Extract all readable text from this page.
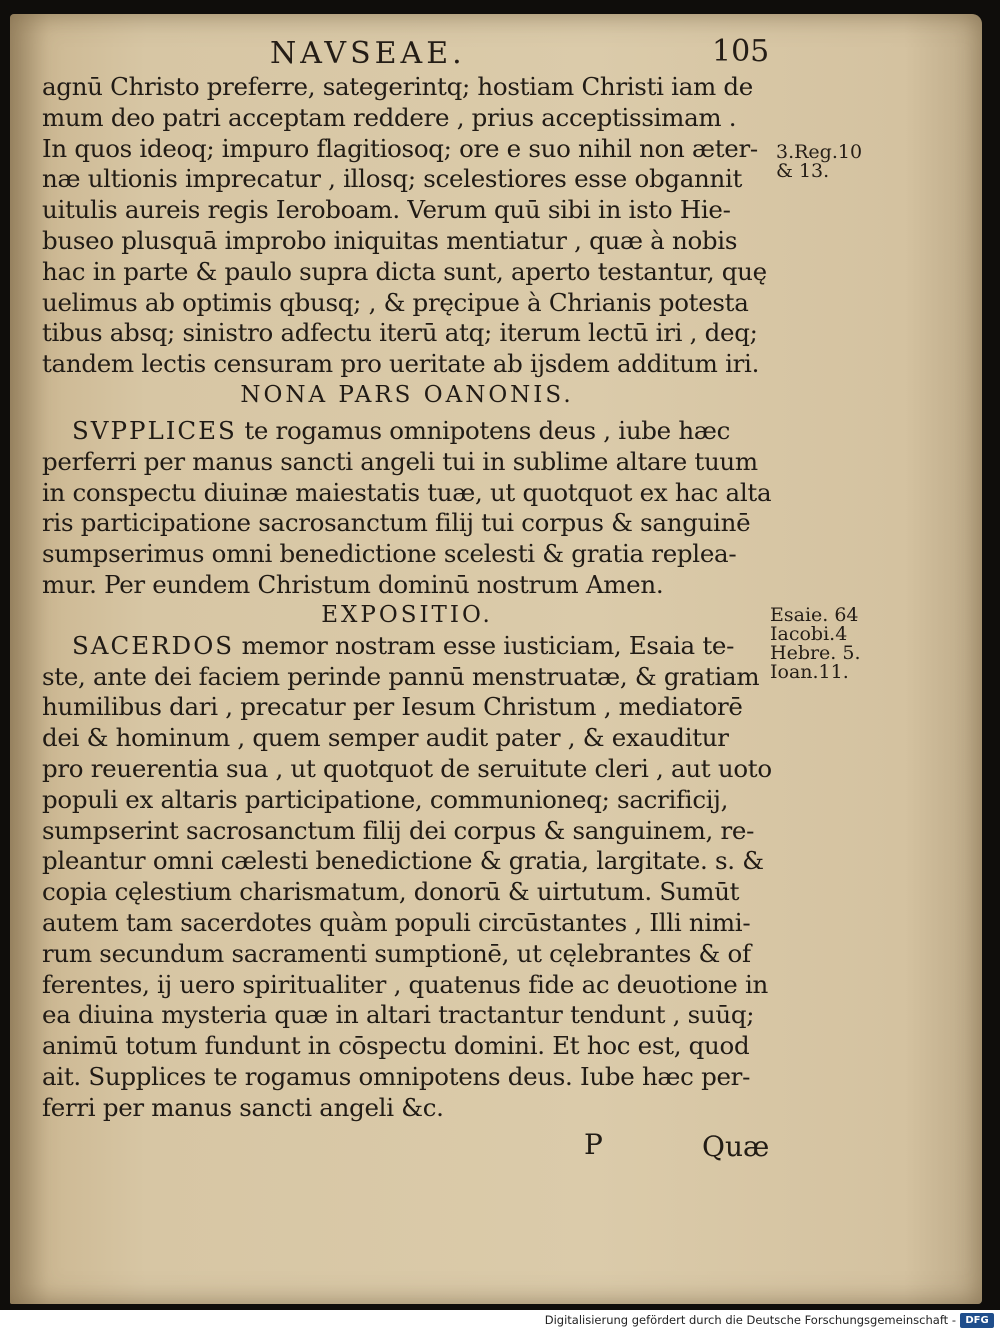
NAVSEAE.	105
agnū Christo preferre, sategerintq; hostiam Christi iam de
mum deo patri acceptam reddere , prius acceptissimam .
In quos ideoq; impuro flagitiosoq; ore e suo nihil non æter-
næ ultionis imprecatur , illosq; scelestiores esse obgannit
uitulis aureis regis Ieroboam. Verum quū sibi in isto Hie-
buseo plusquā improbo iniquitas mentiatur , quæ à nobis
hac in parte & paulo supra dicta sunt, aperto testantur, quę
uelimus ab optimis qbusq; , & pręcipue à Chrianis potesta
tibus absq; sinistro adfectu iterū atq; iterum lectū iri , deq;
tandem lectis censuram pro ueritate ab ijsdem additum iri.
NONA PARS OANONIS.
SVPPLICES te rogamus omnipotens deus , iube hæc
perferri per manus sancti angeli tui in sublime altare tuum
in conspectu diuinæ maiestatis tuæ, ut quotquot ex hac alta
ris participatione sacrosanctum filij tui corpus & sanguinē
sumpserimus omni benedictione scelesti & gratia replea-
mur. Per eundem Christum dominū nostrum Amen.
EXPOSITIO.
SACERDOS memor nostram esse iusticiam, Esaia te-
ste, ante dei faciem perinde pannū menstruatæ, & gratiam
humilibus dari , precatur per Iesum Christum , mediatorē
dei & hominum , quem semper audit pater , & exauditur
pro reuerentia sua , ut quotquot de seruitute cleri , aut uoto
populi ex altaris participatione, communioneq; sacrificij,
sumpserint sacrosanctum filij dei corpus & sanguinem, re-
pleantur omni cælesti benedictione & gratia, largitate. s. &
copia cęlestium charismatum, donorū & uirtutum. Sumūt
autem tam sacerdotes quàm populi circūstantes , Illi nimi-
rum secundum sacramenti sumptionē, ut cęlebrantes & of
ferentes, ij uero spiritualiter , quatenus fide ac deuotione in
ea diuina mysteria quæ in altari tractantur tendunt , suūq;
animū totum fundunt in cōspectu domini. Et hoc est, quod
ait. Supplices te rogamus omnipotens deus. Iube hæc per-
ferri per manus sancti angeli &c.
3.Reg.10
& 13.
Esaie. 64
Iacobi.4
Hebre. 5.
Ioan.11.
P	Quæ
Digitalisierung gefördert durch die Deutsche Forschungsgemeinschaft - DFG
